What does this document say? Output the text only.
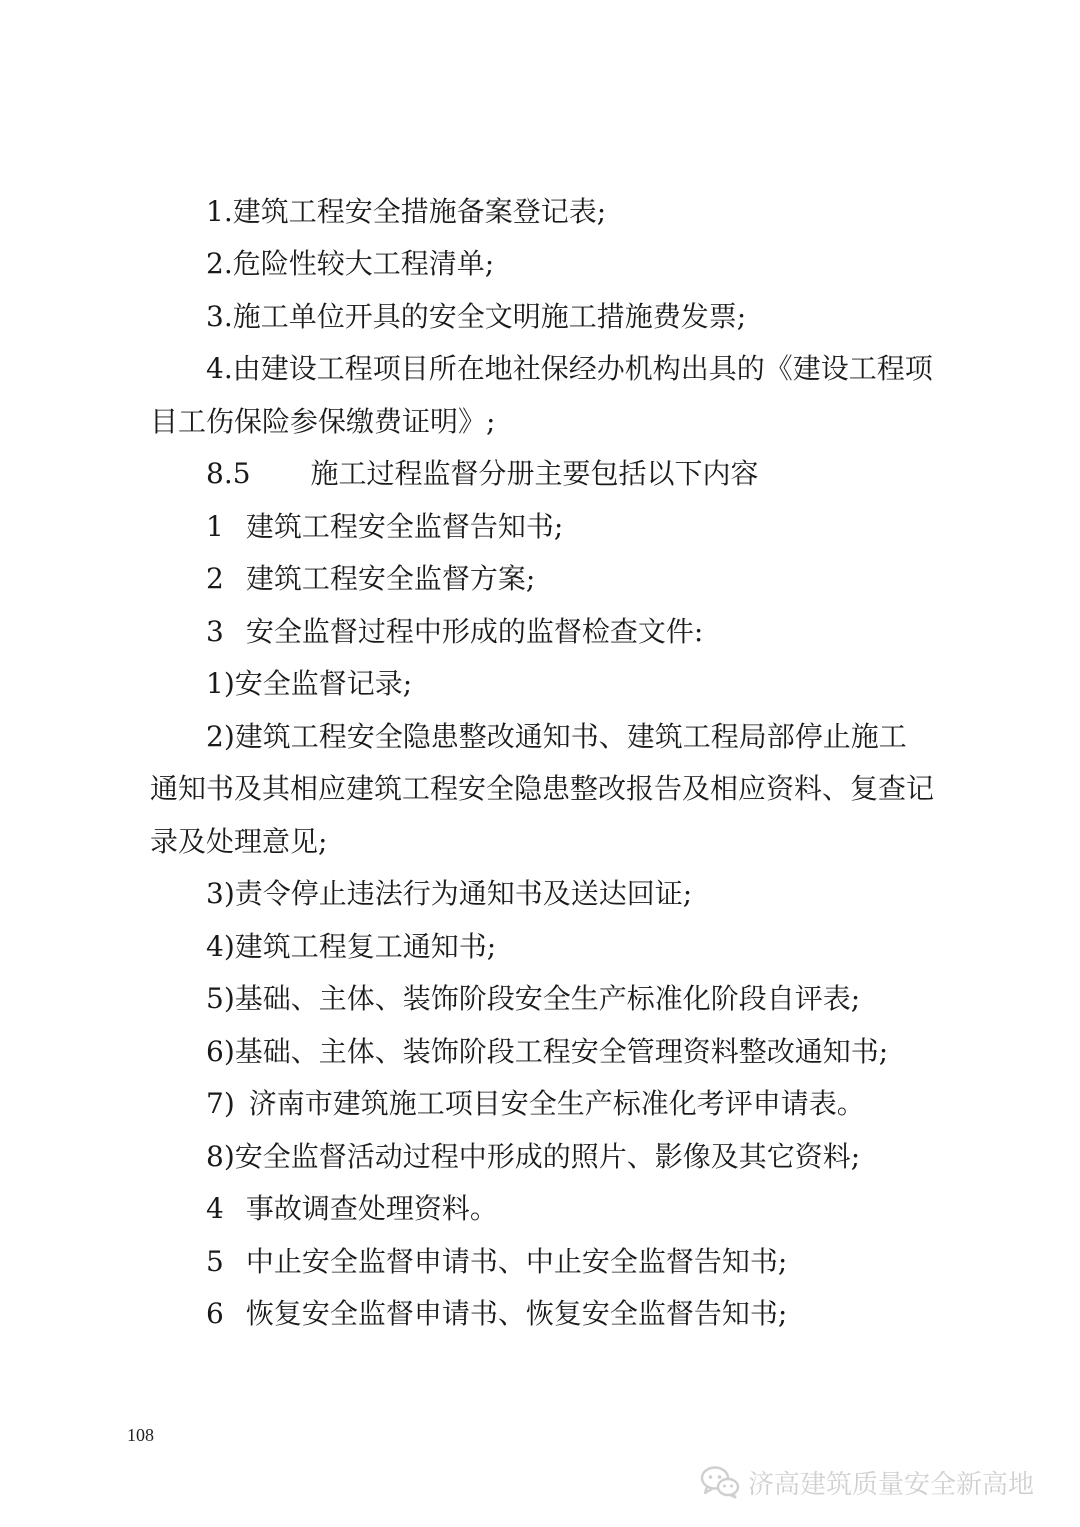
1.建筑工程安全措施备案登记表;
2.危险性较大工程清单;
3.施工单位开具的安全文明施工措施费发票;
4.由建设工程项目所在地社保经办机构出具的《建设工程项
目工伤保险参保缴费证明》;
8.5 施工过程监督分册主要包括以下内容
1 建筑工程安全监督告知书;
2 建筑工程安全监督方案;
3 安全监督过程中形成的监督检查文件:
1)安全监督记录;
2)建筑工程安全隐患整改通知书、建筑工程局部停止施工
通知书及其相应建筑工程安全隐患整改报告及相应资料、复查记
录及处理意见;
3)责令停止违法行为通知书及送达回证;
4)建筑工程复工通知书;
5)基础、主体、装饰阶段安全生产标准化阶段自评表;
6)基础、主体、装饰阶段工程安全管理资料整改通知书;
7) 济南市建筑施工项目安全生产标准化考评申请表。
8)安全监督活动过程中形成的照片、影像及其它资料;
4 事故调查处理资料。
5 中止安全监督申请书、中止安全监督告知书;
6 恢复安全监督申请书、恢复安全监督告知书;
108
济高建筑质量安全新高地
